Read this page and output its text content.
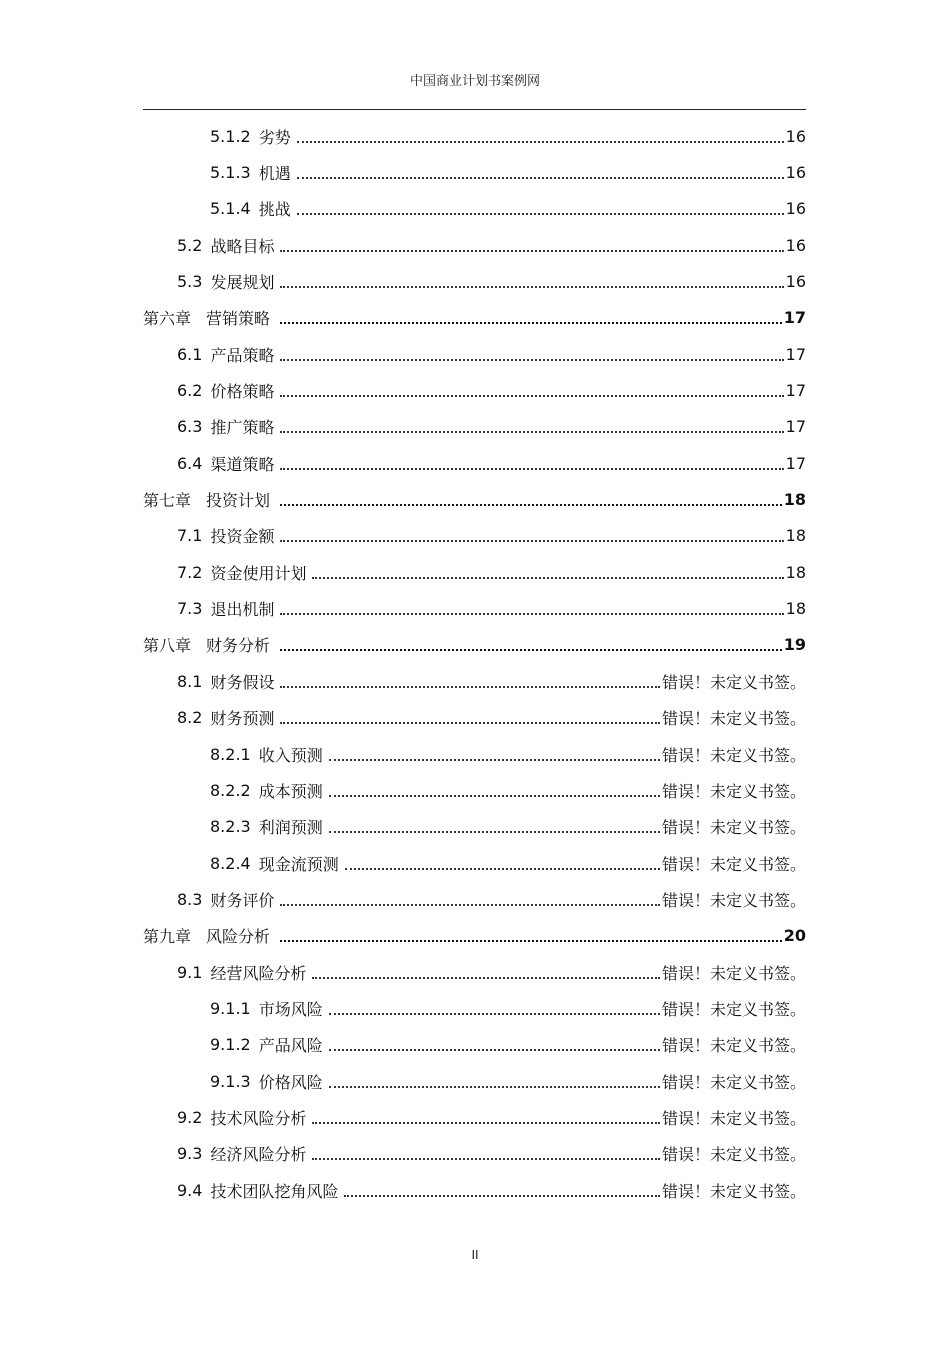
中国商业计划书案例网
5.1.2 劣势	16
5.1.3 机遇	16
5.1.4 挑战	16
5.2 战略目标	16
5.3 发展规划	16
第六章 营销策略	17
6.1 产品策略	17
6.2 价格策略	17
6.3 推广策略	17
6.4 渠道策略	17
第七章 投资计划	18
7.1 投资金额	18
7.2 资金使用计划	18
7.3 退出机制	18
第八章 财务分析	19
8.1 财务假设	错误！未定义书签。
8.2 财务预测	错误！未定义书签。
8.2.1 收入预测	错误！未定义书签。
8.2.2 成本预测	错误！未定义书签。
8.2.3 利润预测	错误！未定义书签。
8.2.4 现金流预测	错误！未定义书签。
8.3 财务评价	错误！未定义书签。
第九章 风险分析	20
9.1 经营风险分析	错误！未定义书签。
9.1.1 市场风险	错误！未定义书签。
9.1.2 产品风险	错误！未定义书签。
9.1.3 价格风险	错误！未定义书签。
9.2 技术风险分析	错误！未定义书签。
9.3 经济风险分析	错误！未定义书签。
9.4 技术团队挖角风险	错误！未定义书签。
II
